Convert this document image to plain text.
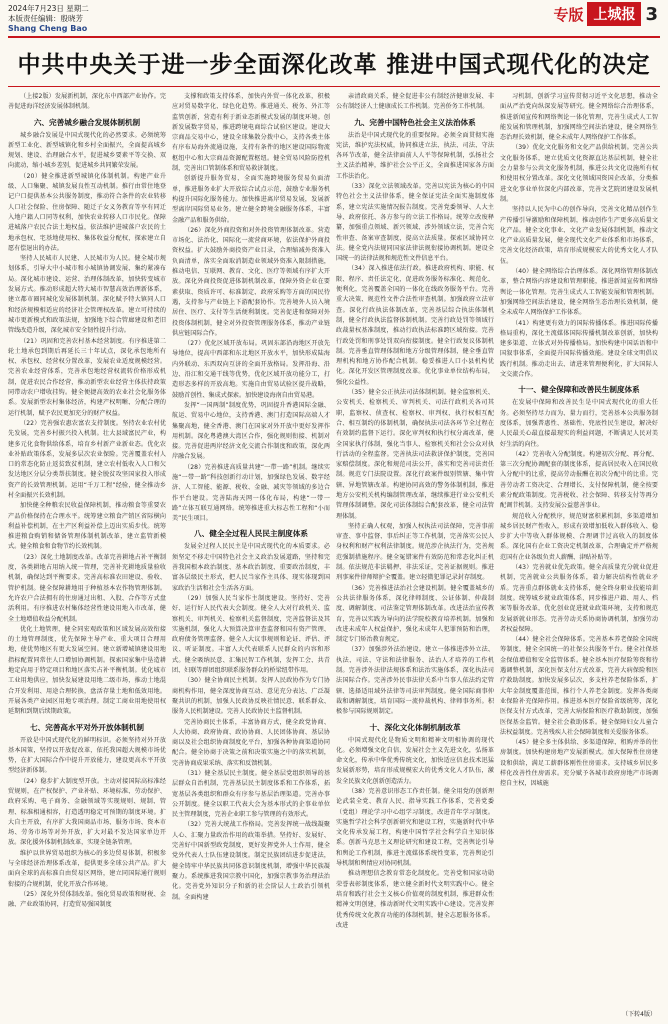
2024年7月23日 星期二
本版责任编辑：殷晓芳
Shang Cheng Bao
专版 上城报 3
中共中央关于进一步全面深化改革 推进中国式现代化的决定

（上接2版）发展新机制，深化东中西部产业协作。完善促进海洋经济发展体制机制。

六、完善城乡融合发展体制机制

城乡融合发展是中国式现代化的必然要求。必须统筹新型工业化、新型城镇化和乡村全面振兴，全面提高城乡规划、建设、治理融合水平，促进城乡要素平等交换、双向流动，缩小城乡差别，促进城乡共同繁荣发展。

（20）健全推进新型城镇化体制机制。构建产业升级、人口集聚、城镇发展良性互动机制。推行由常住地登记户口提供基本公共服务制度，推动符合条件的农业转移人口社会保险、住房保障、随迁子女义务教育等享有同迁入地户籍人口同等权利，加快农业转移人口市民化。保障进城落户农民合法土地权益，依法维护进城落户农民的土地承包权、宅基地使用权、集体收益分配权，探索建立自愿有偿退出的办法。

坚持人民城市人民建、人民城市为人民。健全城市规划体系，引导大中小城市和小城镇协调发展、集约紧凑布局。深化城市建设、运营、治理体制改革，加快转变城市发展方式。推动形成超大特大城市智慧高效治理新体系，建立都市圈同城化发展体制机制。深化赋予特大镇同人口和经济规模相适应的经济社会管理权改革。建立可持续的城市更新模式和政策法规，加强地下综合管廊建设和老旧管线改造升级，深化城市安全韧性提升行动。

（21）巩固和完善农村基本经营制度。有序推进第二轮土地承包到期后再延长三十年试点，深化承包地所有权、承包权、经营权分置改革，发展农业适度规模经营。完善农业经营体系，完善承包地经营权流转价格形成机制，促进农民合作经营，推动新型农业经营主体扶持政策同带动农户增收挂钩。健全便捷高效的农业社会化服务体系。发展新型农村集体经济，构建产权明晰、分配合理的运行机制，赋予农民更加充分的财产权益。

（22）完善强农惠农富农支持制度。坚持农业农村优先发展，完善乡村振兴投入机制。壮大县域富民产业，构建多元化食物供给体系，培育乡村新产业新业态。优化农业补贴政策体系，发展多层次农业保险。完善覆盖农村人口的常态化防止返贫致贫机制，建立农村低收入人口和欠发达地区分层分类帮扶制度。健全脱贫攻坚国家投入形成资产的长效管理机制。运用“千万工程”经验，健全推动乡村全面振兴长效机制。

加快健全种粮农民收益保障机制，推动粮食等重要农产品价格保持在合理水平。统筹建立粮食产销区省际横向利益补偿机制，在主产区利益补偿上迈出实质步伐。统筹推进粮食购销和储备管理体制机制改革，建立监管新模式。健全粮食和食物节约长效机制。

（23）深化土地制度改革。改革完善耕地占补平衡制度，各类耕地占用纳入统一管理，完善补充耕地质量验收机制，确保达到平衡要求。完善高标准农田建设、验收、管护机制。健全保障耕地用于种植基本农作物管理体制。允许农户合法拥有的住房通过出租、入股、合作等方式盘活利用。有序推进农村集体经营性建设用地入市改革，健全土地增值收益分配机制。

优化土地管理，健全同宏观政策和区域发展高效衔接的土地管理制度，优先保障主导产业、重大项目合理用地，使优势地区有更大发展空间。建立新增城镇建设用地指标配置同常住人口增加协调机制。探索国家集中垦造耕地定向用于特定项目和地区落实占补平衡机制。优化城市工业用地供应，加快发展建设用地二级市场，推动土地混合开发利用、用途合理转换，盘活存量土地和低效用地。开展各类产业园区用地专项治理。制定工商业用地使用权延期和到期后续期政策。

七、完善高水平对外开放体制机制

开放是中国式现代化的鲜明标识。必须坚持对外开放基本国策，坚持以开放促改革，依托我国超大规模市场优势，在扩大国际合作中提升开放能力，建设更高水平开放型经济新体制。

（24）稳步扩大制度型开放。主动对接国际高标准经贸规则，在产权保护、产业补贴、环境标准、劳动保护、政府采购、电子商务、金融领域等实现规则、规制、管理、标准相通相容，打造透明稳定可预期的制度环境。扩大自主开放，有序扩大我国商品市场、服务市场、资本市场、劳务市场等对外开放，扩大对最不发达国家单边开放。深化援外体制机制改革，实现全链条管理。

维护以世界贸易组织为核心的多边贸易体制，积极参与全球经济治理体系改革，提供更多全球公共产品。扩大面向全球的高标准自由贸易区网络，建立同国际通行规则衔接的合规机制，优化开放合作环境。

（25）深化外贸体制改革。强化贸易政策和财税、金融、产业政策协同，打造贸易强国制度

支撑和政策支持体系，加快内外贸一体化改革，积极应对贸易数字化、绿色化趋势。推进通关、税务、外汇等监管创新，营造有利于新业态新模式发展的制度环境。创新发展数字贸易，推进跨境电商综合试验区建设。建设大宗商品交易中心，建设全球集散分拨中心，支持各类主体有序布局海外流通设施，支持有条件的地区建设国际物流枢纽中心和大宗商品资源配置枢纽。健全贸易风险防控机制，完善出口管制体系和贸易救济制度。

创新提升服务贸易，全面实施跨境服务贸易负面清单，推进服务业扩大开放综合试点示范，鼓励专业服务机构提升国际化服务能力。加快推进离岸贸易发展，发展新型离岸国际贸易业务。建立健全跨境金融服务体系，丰富金融产品和服务供给。

（26）深化外商投资和对外投资管理体制改革。营造市场化、法治化、国际化一流营商环境，依法保护外商投资权益。扩大鼓励外商投资产业目录，合理缩减外资准入负面清单，落实全面取消制造业领域外资准入限制措施，推动电信、互联网、教育、文化、医疗等领域有序扩大开放。深化外商投资促进体制机制改革，保障外资企业在要素获取、资质许可、标准制定、政府采购等方面的国民待遇，支持参与产业链上下游配套协作。完善境外人员入境居住、医疗、支付等生活便利制度。完善促进和保障对外投资体制机制，健全对外投资管理服务体系，推动产业链供应链国际合作。

（27）优化区域开放布局。巩固东部沿海地区开放先导地位，提高中西部和东北地区开放水平，加快形成陆海内外联动、东西双向互济的全面开放格局。发挥沿海、沿边、沿江和交通干线等优势，优化区域开放功能分工，打造形态多样的开放高地。实施自由贸易试验区提升战略，鼓励首创性、集成式探索。加快建设海南自由贸易港。

发挥“一国两制”制度优势，巩固提升香港国际金融、航运、贸易中心地位，支持香港、澳门打造国际高端人才集聚高地，健全香港、澳门在国家对外开放中更好发挥作用机制。深化粤港澳大湾区合作，强化规则衔接、机制对接。完善促进两岸经济文化交流合作制度和政策，深化两岸融合发展。

（28）完善推进高质量共建“一带一路”机制。继续实施“一带一路”科技创新行动计划，加强绿色发展、数字经济、人工智能、能源、税收、金融、减灾等领域的多边合作平台建设。完善陆海天网一体化布局，构建“一带一路”立体互联互通网络。统筹推进重大标志性工程和“小而美”民生项目。

八、健全全过程人民民主制度体系

发展全过程人民民主是中国式现代化的本质要求。必须坚定不移走中国特色社会主义政治发展道路，坚持和完善我国根本政治制度、基本政治制度、重要政治制度，丰富各层级民主形式，把人民当家作主具体、现实体现到国家政治生活和社会生活各方面。

（29）加强人民当家作主制度建设。坚持好、完善好、运行好人民代表大会制度。健全人大对行政机关、监察机关、审判机关、检察机关监督制度，完善监督法及其实施机制，强化人大预算决算审查监督和国有资产管理、政府债务管理监督。健全人大议事规则和论证、评估、评议、听证制度。丰富人大代表联系人民群众的内容和形式。健全吸纳民意、汇集民智工作机制，发挥工会、共青团、妇联等群团组织联系服务群众的桥梁纽带作用。

（30）健全协商民主机制。发挥人民政协作为专门协商机构作用，健全深度协商互动、意见充分表达、广泛凝聚共识的机制，加强人民政协反映社情民意、联系群众、服务人民机制建设。完善人民政协民主监督机制。

完善协商民主体系，丰富协商方式，健全政党协商、人大协商、政府协商、政协协商、人民团体协商、基层协商以及社会组织协商制度化平台，加强各种协商渠道协同配合。健全协商于决策之前和决策实施之中的落实机制，完善协商成果采纳、落实和反馈机制。

（31）健全基层民主制度。健全基层党组织领导的基层群众自治机制，完善基层民主制度体系和工作体系，拓宽基层各类组织和群众有序参与基层治理渠道。完善办事公开制度。健全以职工代表大会为基本形式的企事业单位民主管理制度，完善企业职工参与管理的有效形式。

（32）完善大统战工作格局。完善发挥统一战线凝聚人心、汇聚力量政治作用的政策举措。坚持好、发展好、完善好中国新型政党制度，更好发挥党外人士作用，健全党外代表人士队伍建设制度。制定民族团结进步促进法，健全铸牢中华民族共同体意识制度机制，增强中华民族凝聚力。系统推进我国宗教中国化，加强宗教事务治理法治化。完善党外知识分子和新的社会阶层人士政治引领机制。全面构建

亲清政商关系，健全促进非公有制经济健康发展、非公有制经济人士健康成长工作机制。完善侨务工作机制。

九、完善中国特色社会主义法治体系

法治是中国式现代化的重要保障。必须全面贯彻实施宪法，维护宪法权威，协同推进立法、执法、司法、守法各环节改革，健全法律面前人人平等保障机制，弘扬社会主义法治精神，维护社会公平正义，全面推进国家各方面工作法治化。

（33）深化立法领域改革。完善以宪法为核心的中国特色社会主义法律体系，健全保证宪法全面实施制度体系，建立宪法实施情况报告制度。完善党委领导、人大主导、政府依托、各方参与的立法工作格局。统筹立改废释纂，加强重点领域、新兴领域、涉外领域立法，完善合宪性审查、备案审查制度，提高立法质量。探索区域协同立法。健全党内法规同国家法律法规衔接协调机制。建设全国统一的法律法规和规范性文件信息平台。

（34）深入推进依法行政。推进政府机构、职能、权限、程序、责任法定化，促进政务服务标准化、规范化、便利化，完善覆盖全国的一体化在线政务服务平台。完善重大决策、规范性文件合法性审查机制。加强政府立法审查。深化行政执法体制改革，完善基层综合执法体制机制，健全行政执法监督体制机制。完善行政处罚等领域行政裁量权基准制度，推动行政执法标准跨区域衔接。完善行政处罚和刑事处罚双向衔接制度。健全行政复议体制机制。完善垂直管理体制和地方分级管理体制，健全垂直管理机构和地方协作配合机制。稳妥推进人口小县机构优化。深化开发区管理制度改革。优化事业单位结构布局，强化公益性。

（35）健全公正执法司法体制机制。健全监察机关、公安机关、检察机关、审判机关、司法行政机关各司其职，监察权、侦查权、检察权、审判权、执行权相互配合、相互制约的体制机制，确保执法司法各环节全过程在有效制约监督下运行。深化审判权和执行权分离改革，健全国家执行体制，强化当事人、检察机关和社会公众对执行活动的全程监督。完善执法司法救济保护制度，完善国家赔偿制度。深化和规范司法公开，落实和完善司法责任制。规范专门法院设置。深化行政案件级别管辖、集中管辖、异地管辖改革。构建协同高效的警务体制机制，推进地方公安机关机构编制管理改革，继续推进行业公安机关管理体制调整。深化司法体制综合配套改革，健全司法管理体制。

坚持正确人权观，加强人权执法司法保障，完善事前审查、事中监督、事后纠正等工作机制，完善落实公民人身权利和财产权利法律制度。规范涉企执法行为，完善规范强制措施程序。健全冤错案件有效防范和常态化纠正机制。依法规范非法羁押、非法采证，完善证据规则。推进刑事案件律师辩护全覆盖。建立轻微犯罪记录封存制度。

（36）完善推进法治社会建设机制。健全覆盖城乡的公共法律服务体系，深化律师制度、公证体制、仲裁制度、调解制度、司法鉴定管理体制改革。改进法治宣传教育，完善以实践为导向的法学院校教育培养机制。加强和改进未成年人权益保护，强化未成年人犯罪预防和治理，制定专门矫治教育规定。

（37）加强涉外法治建设。建立一体推进涉外立法、执法、司法、守法和法律服务、法治人才培养的工作机制。完善涉外法律法规体系和法治实施体系，深化执法司法国际合作。完善涉外民事法律关系中当事人依法约定管辖、选择适用域外法律等司法审判制度。健全国际商事仲裁和调解制度，培育国际一流仲裁机构、律师事务所。积极参与国际规则制定。

十、深化文化体制机制改革

中国式现代化是物质文明和精神文明相协调的现代化。必须增强文化自信，发展社会主义先进文化，弘扬革命文化，传承中华优秀传统文化，加快适应信息技术迅猛发展新形势，培育形成规模宏大的优秀文化人才队伍，激发全民族文化创新创造活力。

（38）完善意识形态工作责任制。健全用党的创新理论武装全党、教育人民、指导实践工作体系，完善党委（党组）理论学习中心组学习制度，改进青年学习制度。实施哲学社会科学创新研究和建设工程，实施新时代中华文化传承发展工程，构建中国哲学社会科学自主知识体系。创新马克思主义理论研究和建设工程，完善舆论引导和舆论工作机制，推进主流媒体系统性变革，完善舆论引导机制和舆情应对协同机制。

推动理想信念教育常态化制度化。完善党和国家功勋荣誉表彰制度体系，建立健全新时代文明实践中心。健全培育和践行社会主义核心价值观的制度机制，推进群众性精神文明创建，推动新时代文明实践中心建设。完善发挥优秀传统文化教育功能的体制机制，健全志愿服务体系。改进

习机制，创新学习宣传贯彻习近平文化思想，推动全面从严治党向纵深发展等研究。健全网络综合治理体系，推进新闻宣传和网络舆论一体化管理，完善生成式人工智能发展和管理机制，加强网络空间法治建设，健全网络生态治理长效机制，健全未成年人网络保护工作体系。

（39）优化文化服务和文化产品供给机制。完善公共文化服务体系，建立优质文化资源直达基层机制，健全社会力量参与公共文化服务机制，推进公共文化设施所有权和使用权分置改革。深化文化领域国资国企改革，分类推进文化事业单位深化内部改革，完善文艺院团建设发展机制。

坚持以人民为中心的创作导向，完善文化精品创作生产传播引导激励和保障机制，推动创作生产更多高质量文化产品。健全文化事业、文化产业发展体制机制，推动文化产业高质量发展，健全现代文化产业体系和市场体系，完善文化经济政策，培育形成规模宏大的优秀文化人才队伍。

（40）健全网络综合治理体系。深化网络管理体制改革，整合网络内容建设和管理职能，推进新闻宣传和网络舆论一体化管理。完善生成式人工智能发展和管理机制。加强网络空间法治建设，健全网络生态治理长效机制，健全未成年人网络保护工作体系。

（41）构建更有效力的国际传播体系。推进国际传播格局重构，深化主流媒体国际传播机制改革创新，加快构建多渠道、立体式对外传播格局。加快构建中国话语和中国叙事体系，全面提升国际传播效能。建设全球文明倡议践行机制。推动走出去、请进来管理便利化，扩大国际人文交流合作。

十一、健全保障和改善民生制度体系

在发展中保障和改善民生是中国式现代化的重大任务。必须坚持尽力而为、量力而行，完善基本公共服务制度体系，加强普惠性、基础性、兜底性民生建设，解决好人民最关心最直接最现实的利益问题，不断满足人民对美好生活的向往。

（42）完善收入分配制度。构建初次分配、再分配、第三次分配协调配套的制度体系，提高居民收入在国民收入分配中的比重，提高劳动报酬在初次分配中的比重。完善劳动者工资决定、合理增长、支付保障机制，健全按要素分配政策制度。完善税收、社会保障、转移支付等再分配调节机制。支持发展公益慈善事业。

规范收入分配秩序，规范财富积累机制，多渠道增加城乡居民财产性收入，形成有效增加低收入群体收入、稳步扩大中等收入群体规模、合理调节过高收入的制度体系。深化国有企业工资决定机制改革，合理确定并严格规范国有企业各级负责人薪酬、津贴补贴等。

（43）完善就业优先政策。健全高质量充分就业促进机制，完善就业公共服务体系，着力解决结构性就业矛盾。完善重点群体就业支持体系，健全终身职业技能培训制度。统筹城乡就业政策体系，同步推进户籍、用人、档案等服务改革，优化创业促进就业政策环境，支持和规范发展新就业形态。完善劳动关系协商协调机制，加强劳动者权益保障。

（44）健全社会保障体系。完善基本养老保险全国统筹制度，健全全国统一的社保公共服务平台。健全社保基金保值增值和安全监管体系。健全基本医疗保险筹资和待遇调整机制，深化医保支付方式改革，完善大病保险和医疗救助制度。加快发展多层次、多支柱养老保险体系，扩大年金制度覆盖范围，推行个人养老金制度。发挥各类商业保险补充保障作用。推进基本医疗保险省级统筹，深化医保支付方式改革，完善大病保险和医疗救助制度，加强医保基金监管。健全社会救助体系。健全保障妇女儿童合法权益制度。完善残疾人社会保障制度和关爱服务体系。

（45）健全多主体供给、多渠道保障、租购并举的住房制度。加快构建房地产发展新模式。加大保障性住房建设和供给，满足工薪群体刚性住房需求。支持城乡居民多样化改善性住房需求。充分赋予各城市政府房地产市场调控自主权，因城施

（下转4版）
